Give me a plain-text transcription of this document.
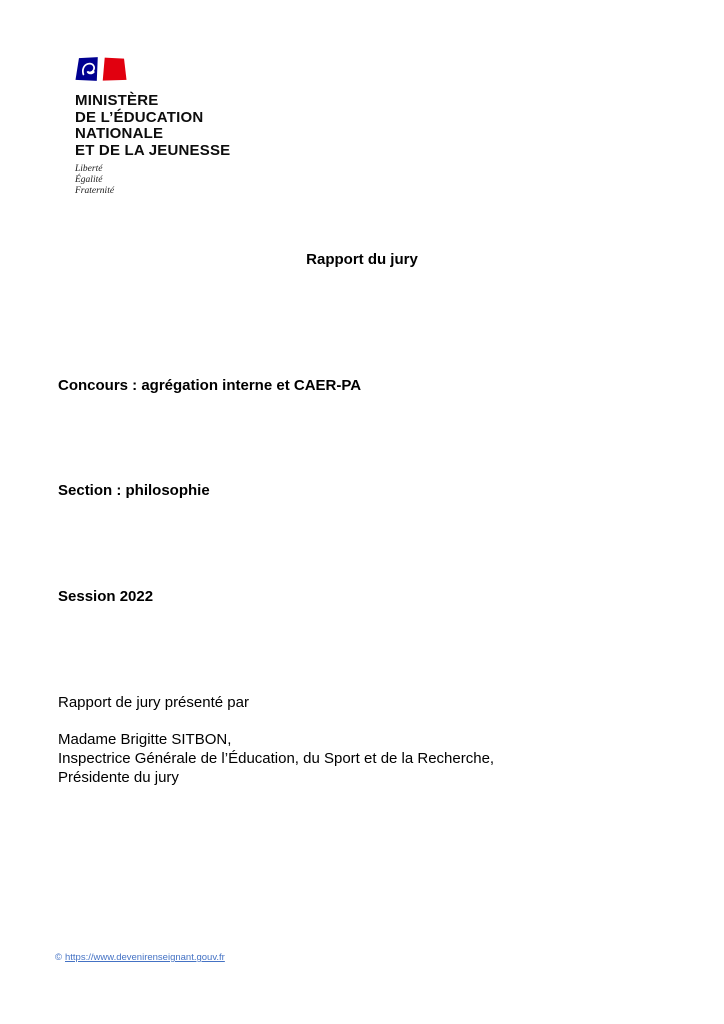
MINISTÈRE
DE L’ÉDUCATION
NATIONALE
ET DE LA JEUNESSE
Liberté
Égalité
Fraternité
Rapport du jury

Concours : agrégation interne et CAER-PA

Section : philosophie

Session 2022

Rapport de jury présenté par

Madame Brigitte SITBON,
Inspectrice Générale de l’Éducation, du Sport et de la Recherche,
Présidente du jury
© https://www.devenirenseignant.gouv.fr
